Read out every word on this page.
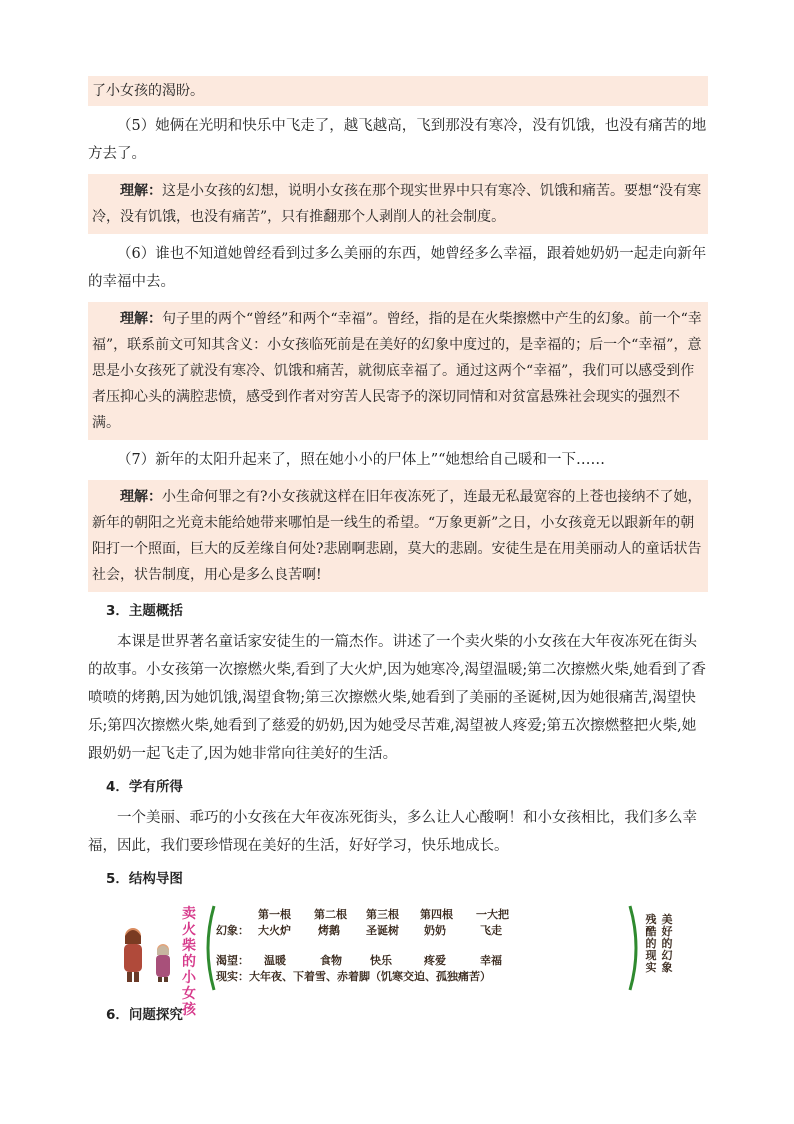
了小女孩的渴盼。

（5）她俩在光明和快乐中飞走了，越飞越高，飞到那没有寒冷，没有饥饿，也没有痛苦的地方去了。

理解：这是小女孩的幻想，说明小女孩在那个现实世界中只有寒冷、饥饿和痛苦。要想“没有寒冷，没有饥饿，也没有痛苦”，只有推翻那个人剥削人的社会制度。

（6）谁也不知道她曾经看到过多么美丽的东西，她曾经多么幸福，跟着她奶奶一起走向新年的幸福中去。

理解：句子里的两个“曾经”和两个“幸福”。曾经，指的是在火柴擦燃中产生的幻象。前一个“幸福”，联系前文可知其含义：小女孩临死前是在美好的幻象中度过的，是幸福的；后一个“幸福”，意思是小女孩死了就没有寒冷、饥饿和痛苦，就彻底幸福了。通过这两个“幸福”，我们可以感受到作者压抑心头的满腔悲愤，感受到作者对穷苦人民寄予的深切同情和对贫富悬殊社会现实的强烈不满。

（7）新年的太阳升起来了，照在她小小的尸体上”“她想给自己暖和一下……

理解：小生命何罪之有?小女孩就这样在旧年夜冻死了，连最无私最宽容的上苍也接纳不了她，新年的朝阳之光竟未能给她带来哪怕是一线生的希望。“万象更新”之日，小女孩竟无以跟新年的朝阳打一个照面，巨大的反差缘自何处?悲剧啊悲剧，莫大的悲剧。安徒生是在用美丽动人的童话状告社会，状告制度，用心是多么良苦啊!

3．主题概括

本课是世界著名童话家安徒生的一篇杰作。讲述了一个卖火柴的小女孩在大年夜冻死在街头的故事。小女孩第一次擦燃火柴,看到了大火炉,因为她寒冷,渴望温暖;第二次擦燃火柴,她看到了香喷喷的烤鹅,因为她饥饿,渴望食物;第三次擦燃火柴,她看到了美丽的圣诞树,因为她很痛苦,渴望快乐;第四次擦燃火柴,她看到了慈爱的奶奶,因为她受尽苦难,渴望被人疼爱;第五次擦燃整把火柴,她跟奶奶一起飞走了,因为她非常向往美好的生活。

4．学有所得

一个美丽、乖巧的小女孩在大年夜冻死街头，多么让人心酸啊！和小女孩相比，我们多么幸福，因此，我们要珍惜现在美好的生活，好好学习，快乐地成长。

5．结构导图
卖火柴的小女孩
第一根 第二根 第三根 第四根 一大把
幻象： 大火炉 烤鹅 圣诞树 奶奶	飞走
渴望： 温暖	食物	快乐	疼爱	幸福
现实：大年夜、下着雪、赤着脚（饥寒交迫、孤独痛苦）
美好的幻象
残酷的现实
6．问题探究
